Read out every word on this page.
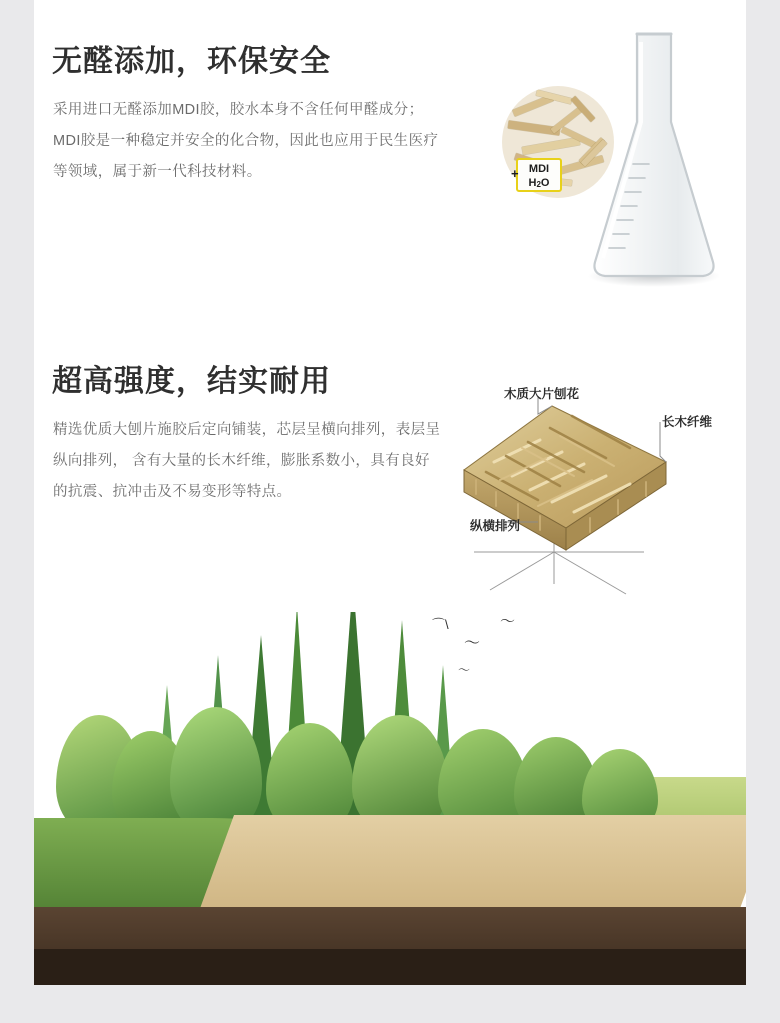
无醛添加，环保安全
采用进口无醛添加MDI胶，胶水本身不含任何甲醛成分；MDI胶是一种稳定并安全的化合物，因此也应用于民生医疗等领域，属于新一代科技材料。	+ MDI
H2O
超高强度，结实耐用
精选优质大刨片施胶后定向铺装，芯层呈横向排列，表层呈纵向排列， 含有大量的长木纤维，膨胀系数小，具有良好的抗震、抗冲击及不易变形等特点。
木质大片刨花
长木纤维
纵横排列
⌒\
〜
〜
〜
